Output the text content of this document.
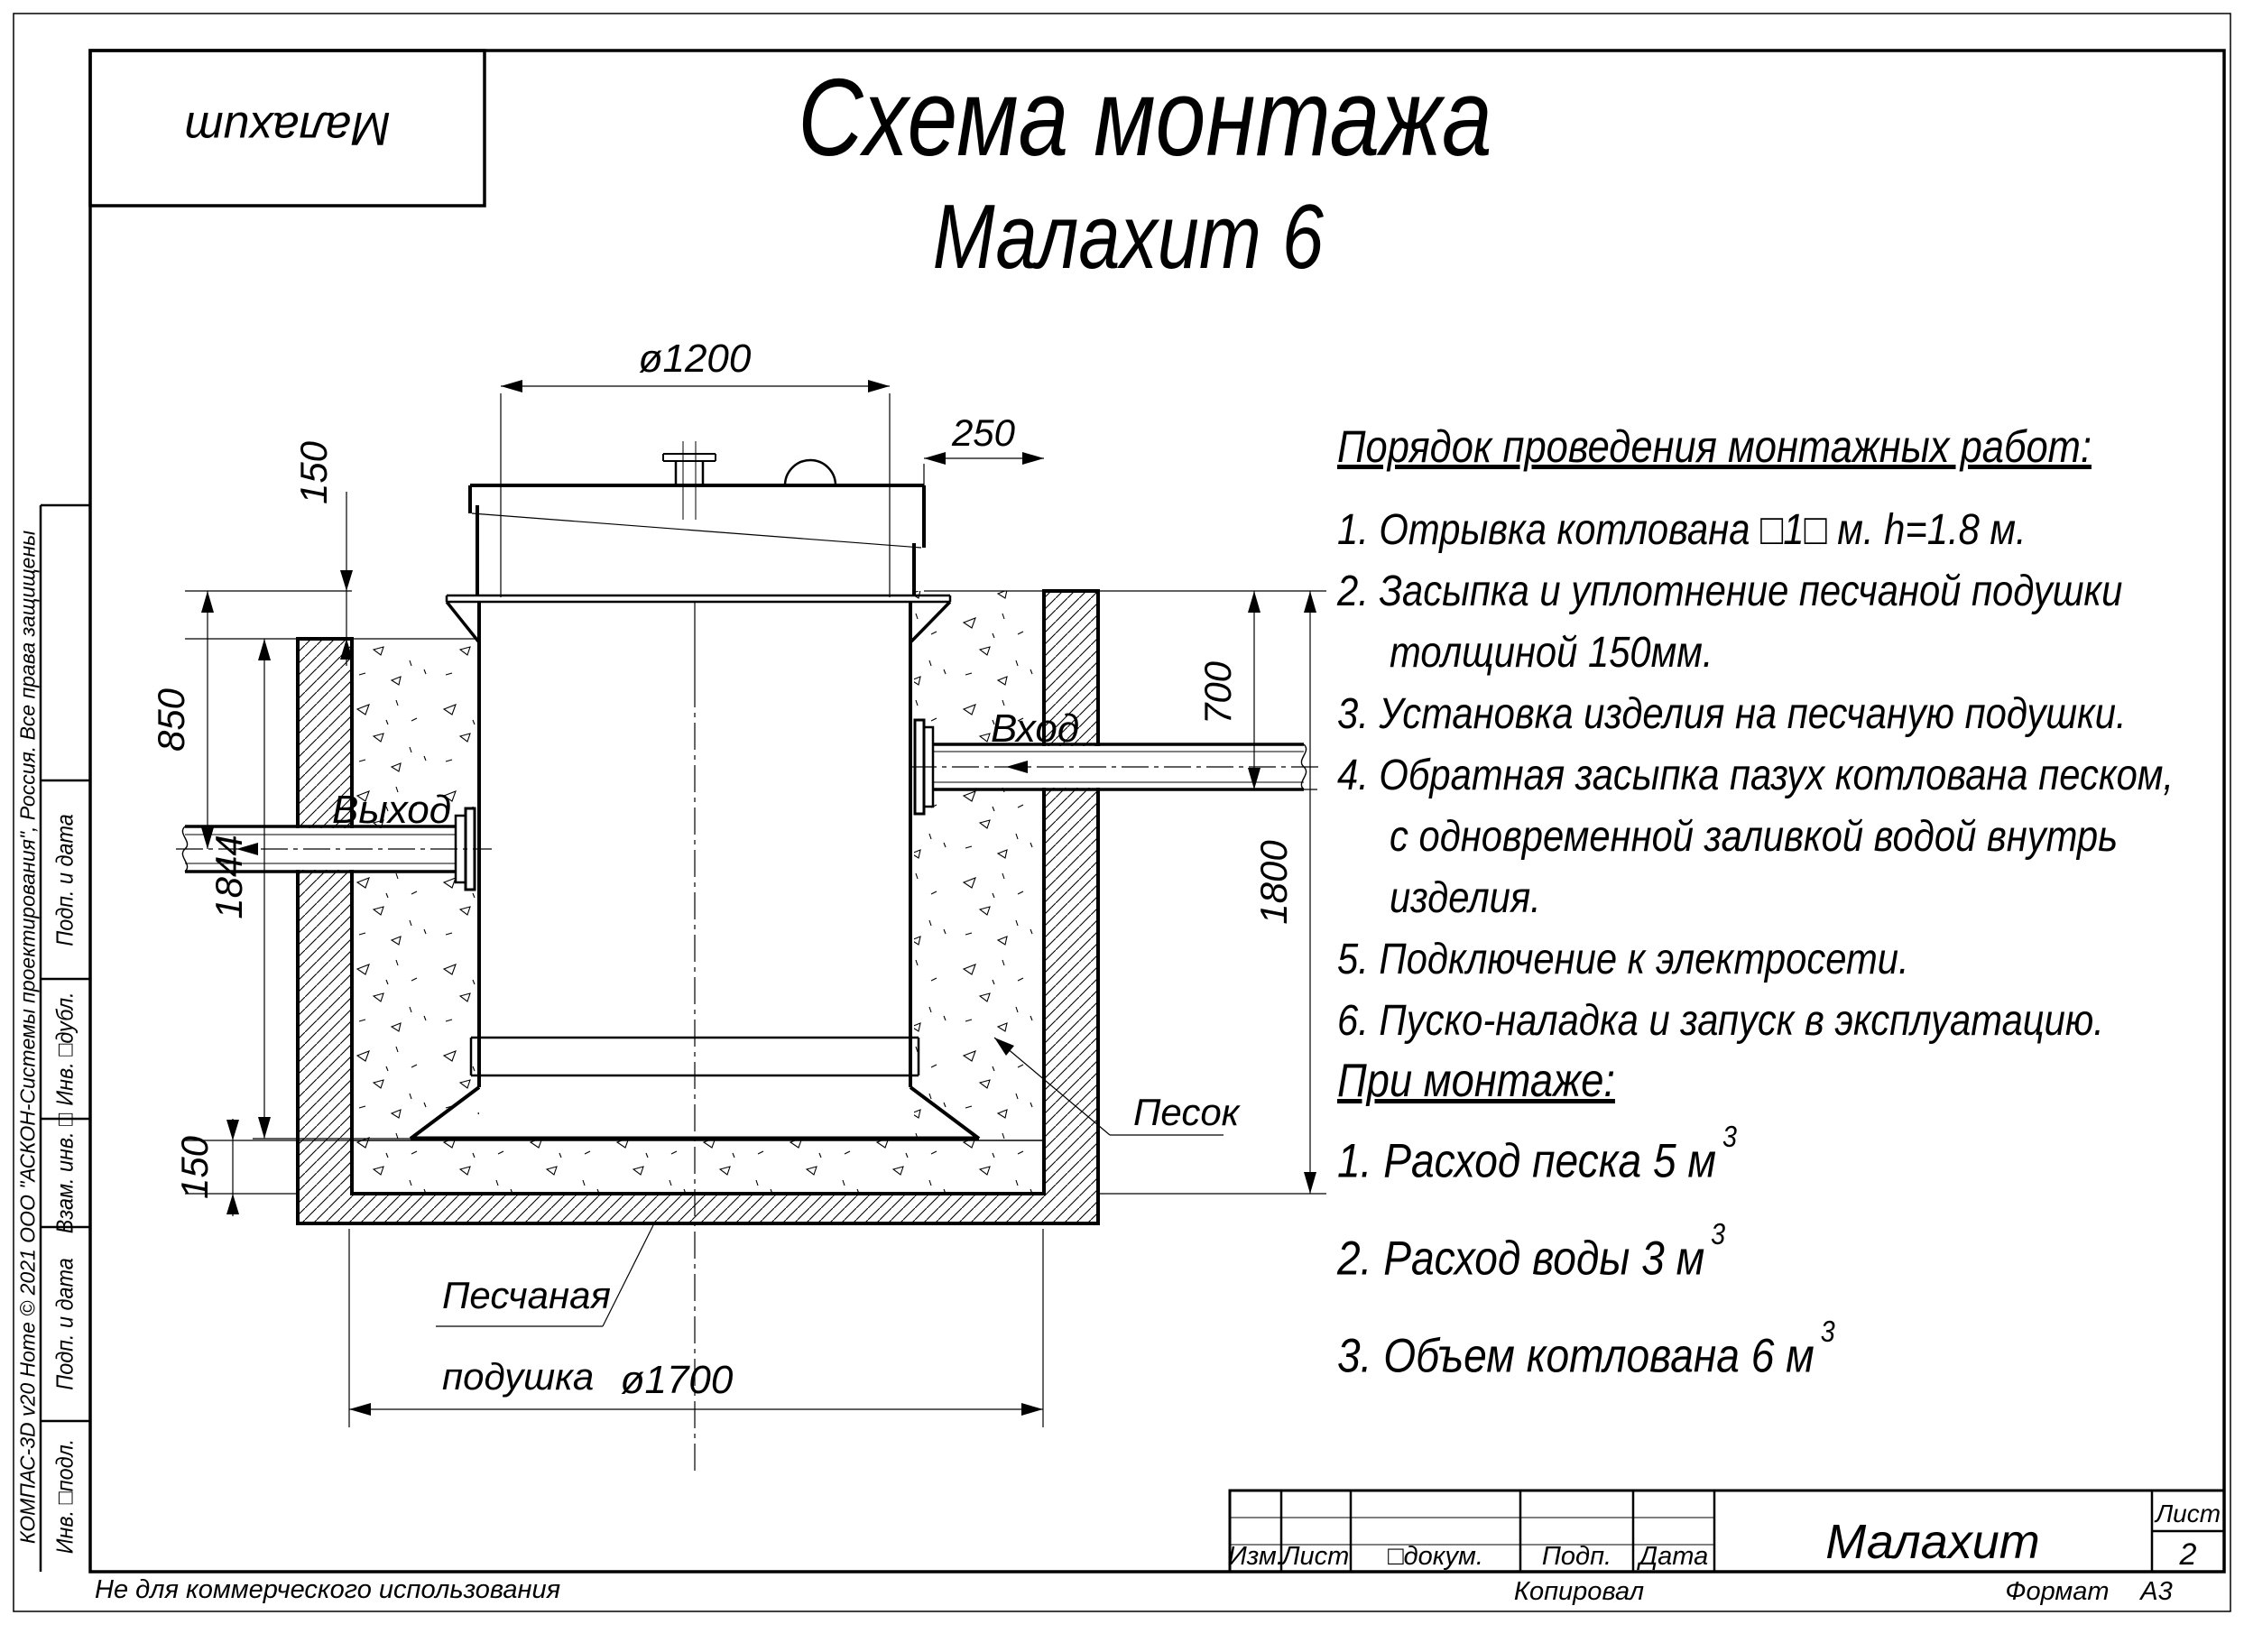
ø1200
250
150
850
1844
150
700
1800
ø1700
Выход
Вход
Песок
Песчаная
подушка
Малахит	Схема монтажа
Малахит 6
Порядок проведения монтажных работ:
1. Отрывка котлована □1□ м. h=1.8 м.
2. Засыпка и уплотнение песчаной подушки
толщиной 150мм.
3. Установка изделия на песчаную подушки.
4. Обратная засыпка пазух котлована песком,
с одновременной заливкой водой внутрь
изделия.
5. Подключение к электросети.
6. Пуско-наладка и запуск в эксплуатацию.
При монтаже:
1. Расход песка 5 м $^3$
2. Расход воды 3 м $^3$
3. Объем котлована 6 м $^3$
Изм.
Лист	□докум.	Подп.	Дата	Малахит
Лист
2
Копировал	Формат	А3
Не для коммерческого использования
Подп. и дата
Инв. □дубл.
Взам. инв. □
Подп. и дата
Инв. □подл.
КОМПАС-3D v20 Home © 2021 ООО "АСКОН-Системы проектирования", Россия. Все права защищены
